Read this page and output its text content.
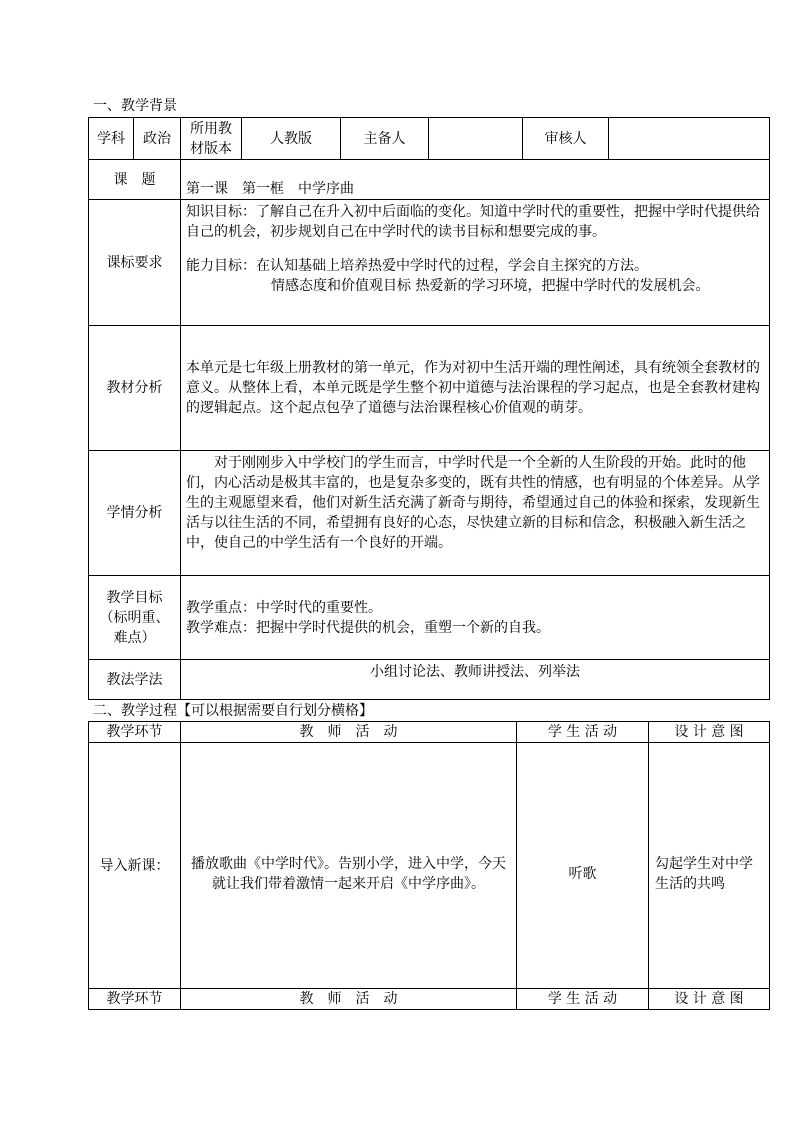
一、教学背景
学科	政治	所用教材版本	人教版	主备人		审核人	
课　题		第一课　第一框　中学序曲					
课标要求		知识目标：了解自己在升入初中后面临的变化。知道中学时代的重要性，把握中学时代提供给自己的机会，初步规划自己在中学时代的读书目标和想要完成的事。

能力目标：在认知基础上培养热爱中学时代的过程，学会自主探究的方法。

情感态度和价值观目标 热爱新的学习环境，把握中学时代的发展机会。					

教材分析		本单元是七年级上册教材的第一单元，作为对初中生活开端的理性阐述，具有统领全套教材的意义。从整体上看，本单元既是学生整个初中道德与法治课程的学习起点，也是全套教材建构的逻辑起点。这个起点包孕了道德与法治课程核心价值观的萌芽。					
学情分析		对于刚刚步入中学校门的学生而言，中学时代是一个全新的人生阶段的开始。此时的他们，内心活动是极其丰富的，也是复杂多变的，既有共性的情感，也有明显的个体差异。从学生的主观愿望来看，他们对新生活充满了新奇与期待，希望通过自己的体验和探索，发现新生活与以往生活的不同，希望拥有良好的心态，尽快建立新的目标和信念，积极融入新生活之中，使自己的中学生活有一个良好的开端。					
教学目标（标明重、难点）		教学重点：中学时代的重要性。

教学难点：把握中学时代提供的机会，重塑一个新的自我。					

教法学法		小组讨论法、教师讲授法、列举法					
二、教学过程【可以根据需要自行划分横格】
教学环节	教　师　活　动	学 生 活 动	设 计 意 图
导入新课：	播放歌曲《中学时代》。告别小学，进入中学，今天就让我们带着激情一起来开启《中学序曲》。	听歌	勾起学生对中学生活的共鸣
教学环节	教　师　活　动	学 生 活 动	设 计 意 图
